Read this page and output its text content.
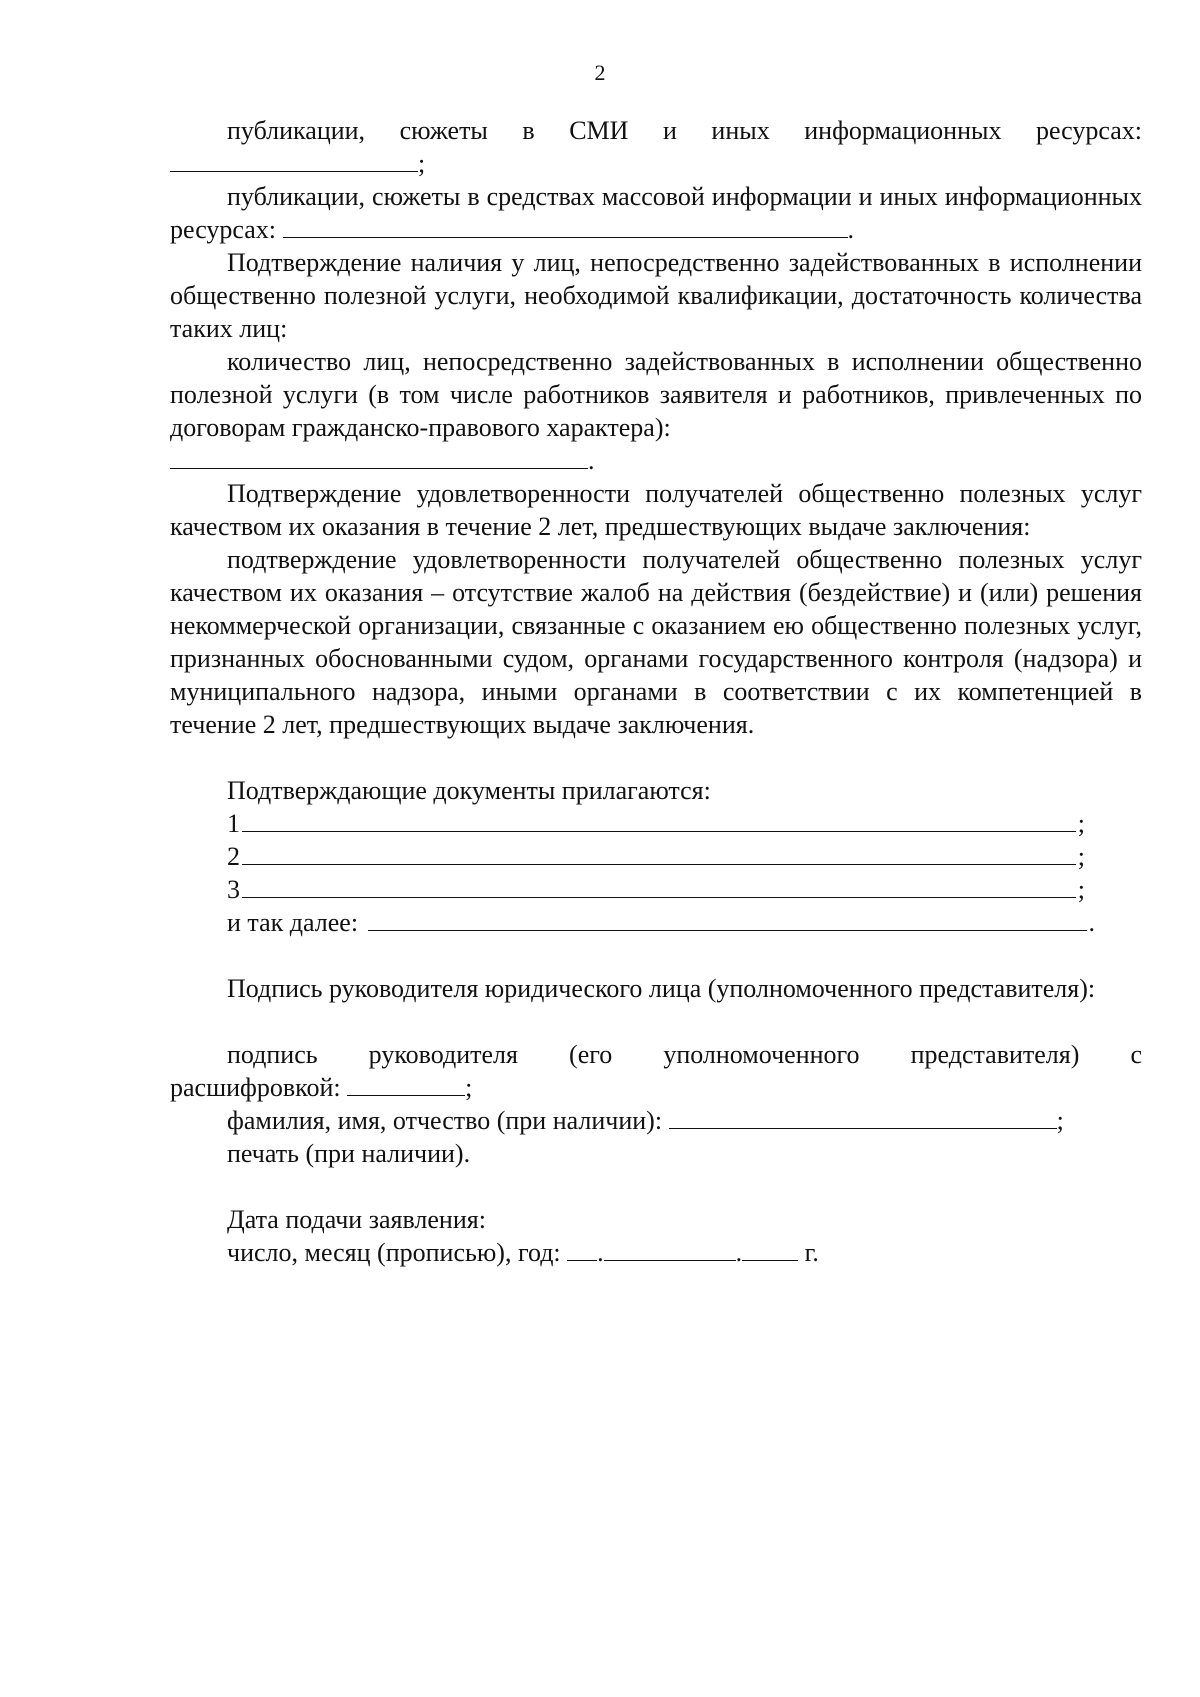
2

публикации, сюжеты в СМИ и иных информационных ресурсах:

;

публикации, сюжеты в средствах массовой информации и иных информационных ресурсах:	.

Подтверждение наличия у лиц, непосредственно задействованных в исполнении общественно полезной услуги, необходимой квалификации, достаточность количества таких лиц:

количество лиц, непосредственно задействованных в исполнении общественно полезной услуги (в том числе работников заявителя и работников, привлеченных по договорам гражданско-правового характера):

.

Подтверждение удовлетворенности получателей общественно полезных услуг качеством их оказания в течение 2 лет, предшествующих выдаче заключения:

подтверждение удовлетворенности получателей общественно полезных услуг качеством их оказания – отсутствие жалоб на действия (бездействие) и (или) решения некоммерческой организации, связанные с оказанием ею общественно полезных услуг, признанных обоснованными судом, органами государственного контроля (надзора) и муниципального надзора, иными органами в соответствии с их компетенцией в течение 2 лет, предшествующих выдаче заключения.

Подтверждающие документы прилагаются:

1	;
2	;
3	;
и так далее:	.

Подпись руководителя юридического лица (уполномоченного представителя):

подпись руководителя (его уполномоченного представителя) с

расшифровкой:	;

фамилия, имя, отчество (при наличии):	;

печать (при наличии).

Дата подачи заявления:

число, месяц (прописью), год: .	. г.
